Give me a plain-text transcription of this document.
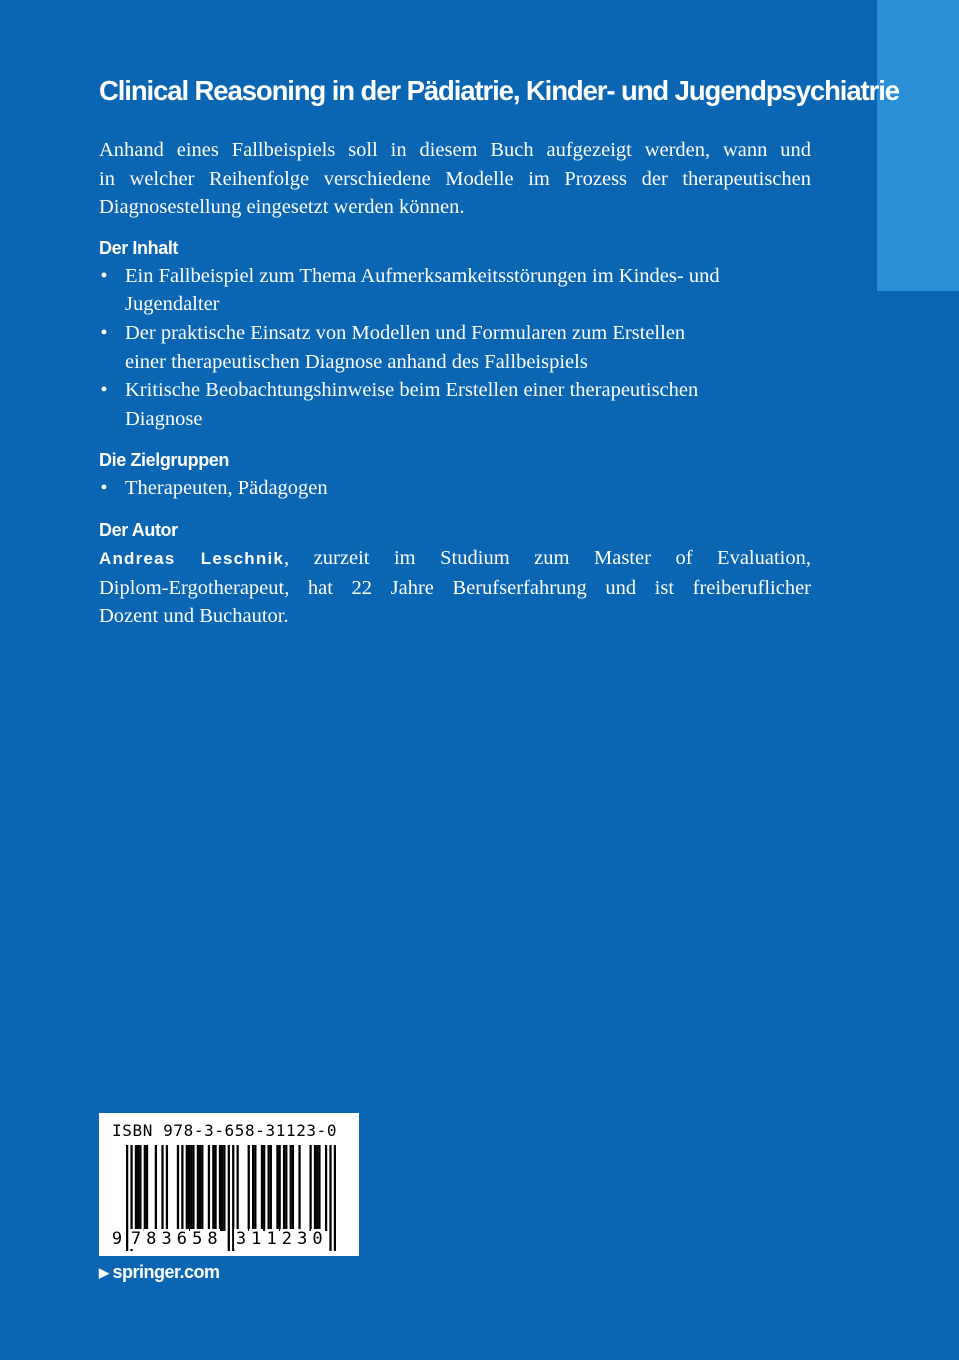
Clinical Reasoning in der Pädiatrie, Kinder- und Jugendpsychiatrie

Anhand eines Fallbeispiels soll in diesem Buch aufgezeigt werden, wann und
in welcher Reihenfolge verschiedene Modelle im Prozess der therapeutischen
Diagnosestellung eingesetzt werden können.

Der Inhalt
• Ein Fallbeispiel zum Thema Aufmerksamkeitsstörungen im Kindes- und
Jugendalter
• Der praktische Einsatz von Modellen und Formularen zum Erstellen
einer therapeutischen Diagnose anhand des Fallbeispiels
• Kritische Beobachtungshinweise beim Erstellen einer therapeutischen
Diagnose
Die Zielgruppen
• Therapeuten, Pädagogen
Der Autor

Andreas Leschnik, zurzeit im Studium zum Master of Evaluation,
Diplom-Ergotherapeut, hat 22 Jahre Berufserfahrung und ist freiberuflicher
Dozent und Buchautor.

ISBN 978-3-658-31123-0
9 7 8 3 6 5 8 3 1 1 2 3 0
▶ springer.com
